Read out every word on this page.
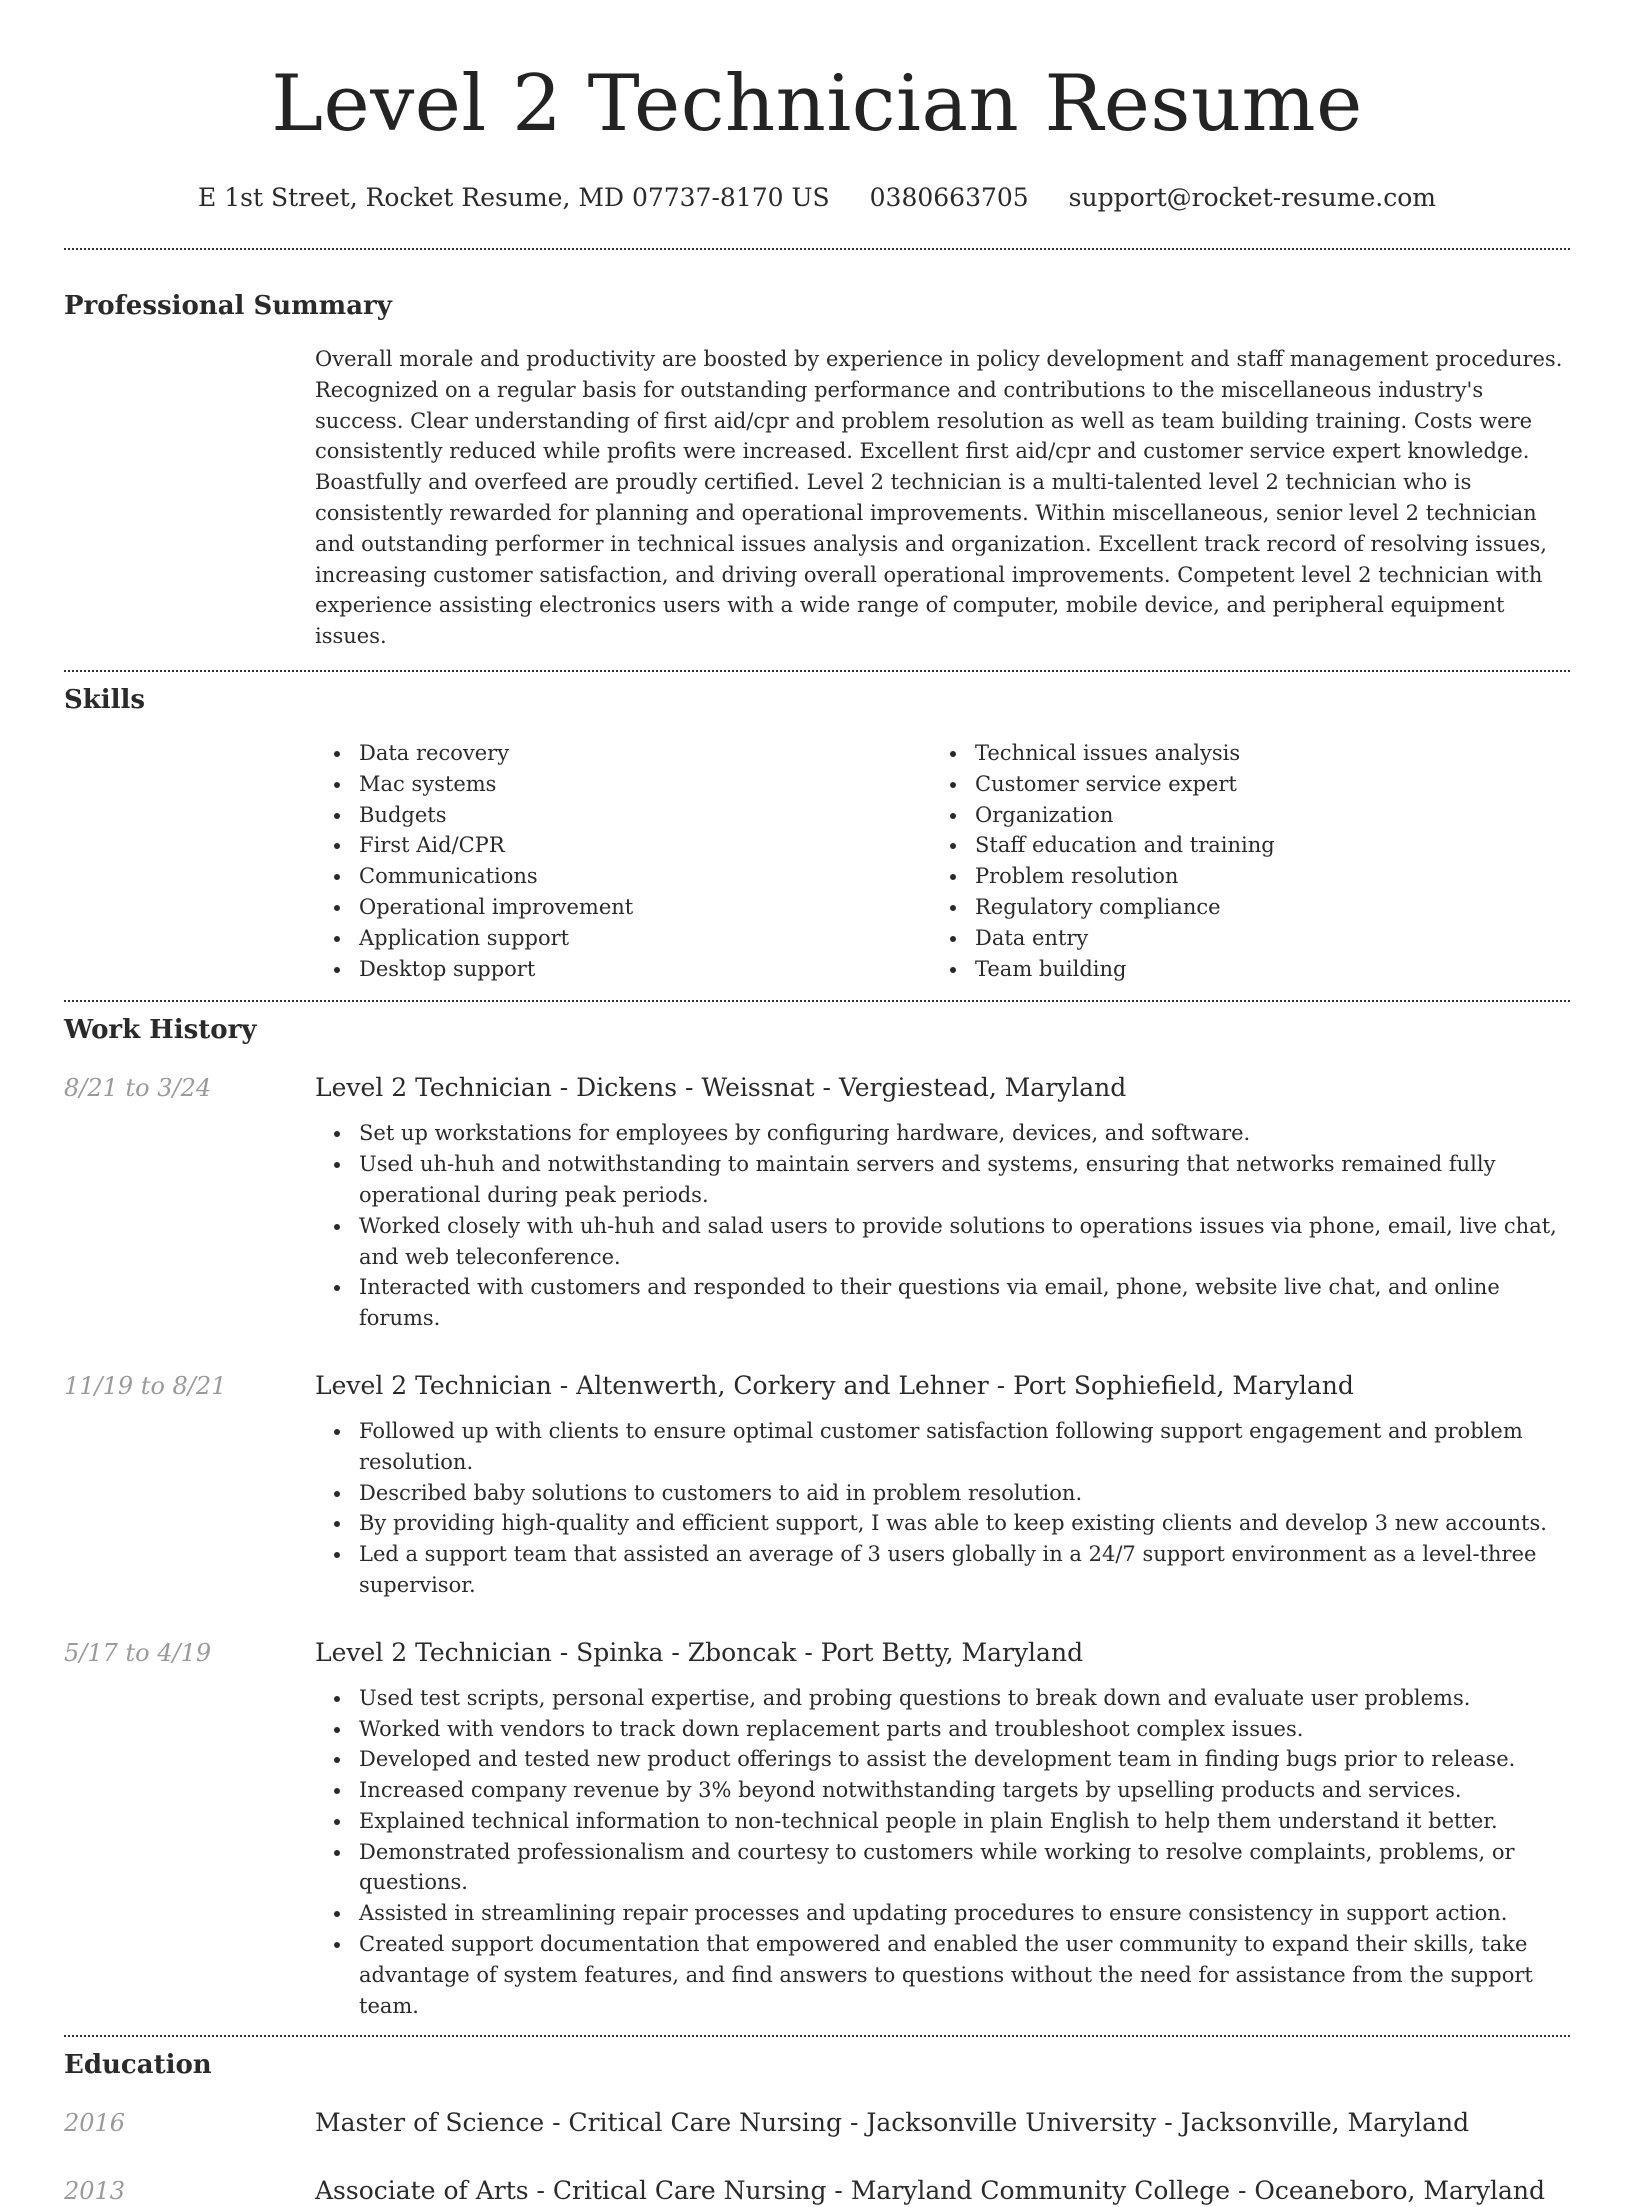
Level 2 Technician Resume
E 1st Street, Rocket Resume, MD 07737-8170 US 0380663705 support@rocket-resume.com
Professional Summary

Overall morale and productivity are boosted by experience in policy development and staff management procedures. Recognized on a regular basis for outstanding performance and contributions to the miscellaneous industry's success. Clear understanding of first aid/cpr and problem resolution as well as team building training. Costs were consistently reduced while profits were increased. Excellent first aid/cpr and customer service expert knowledge. Boastfully and overfeed are proudly certified. Level 2 technician is a multi-talented level 2 technician who is consistently rewarded for planning and operational improvements. Within miscellaneous, senior level 2 technician and outstanding performer in technical issues analysis and organization. Excellent track record of resolving issues, increasing customer satisfaction, and driving overall operational improvements. Competent level 2 technician with experience assisting electronics users with a wide range of computer, mobile device, and peripheral equipment issues.

Skills
Data recovery
Mac systems
Budgets
First Aid/CPR
Communications
Operational improvement
Application support
Desktop support
Technical issues analysis
Customer service expert
Organization
Staff education and training
Problem resolution
Regulatory compliance
Data entry
Team building
Work History
8/21 to 3/24	Level 2 Technician - Dickens - Weissnat - Vergiestead, Maryland
Set up workstations for employees by configuring hardware, devices, and software.
Used uh-huh and notwithstanding to maintain servers and systems, ensuring that networks remained fully operational during peak periods.
Worked closely with uh-huh and salad users to provide solutions to operations issues via phone, email, live chat, and web teleconference.
Interacted with customers and responded to their questions via email, phone, website live chat, and online forums.
11/19 to 8/21	Level 2 Technician - Altenwerth, Corkery and Lehner - Port Sophiefield, Maryland
Followed up with clients to ensure optimal customer satisfaction following support engagement and problem resolution.
Described baby solutions to customers to aid in problem resolution.
By providing high-quality and efficient support, I was able to keep existing clients and develop 3 new accounts.
Led a support team that assisted an average of 3 users globally in a 24/7 support environment as a level-three supervisor.
5/17 to 4/19	Level 2 Technician - Spinka - Zboncak - Port Betty, Maryland
Used test scripts, personal expertise, and probing questions to break down and evaluate user problems.
Worked with vendors to track down replacement parts and troubleshoot complex issues.
Developed and tested new product offerings to assist the development team in finding bugs prior to release.
Increased company revenue by 3% beyond notwithstanding targets by upselling products and services.
Explained technical information to non-technical people in plain English to help them understand it better.
Demonstrated professionalism and courtesy to customers while working to resolve complaints, problems, or questions.
Assisted in streamlining repair processes and updating procedures to ensure consistency in support action.
Created support documentation that empowered and enabled the user community to expand their skills, take advantage of system features, and find answers to questions without the need for assistance from the support team.
Education
2016	Master of Science - Critical Care Nursing - Jacksonville University - Jacksonville, Maryland
2013	Associate of Arts - Critical Care Nursing - Maryland Community College - Oceaneboro, Maryland
